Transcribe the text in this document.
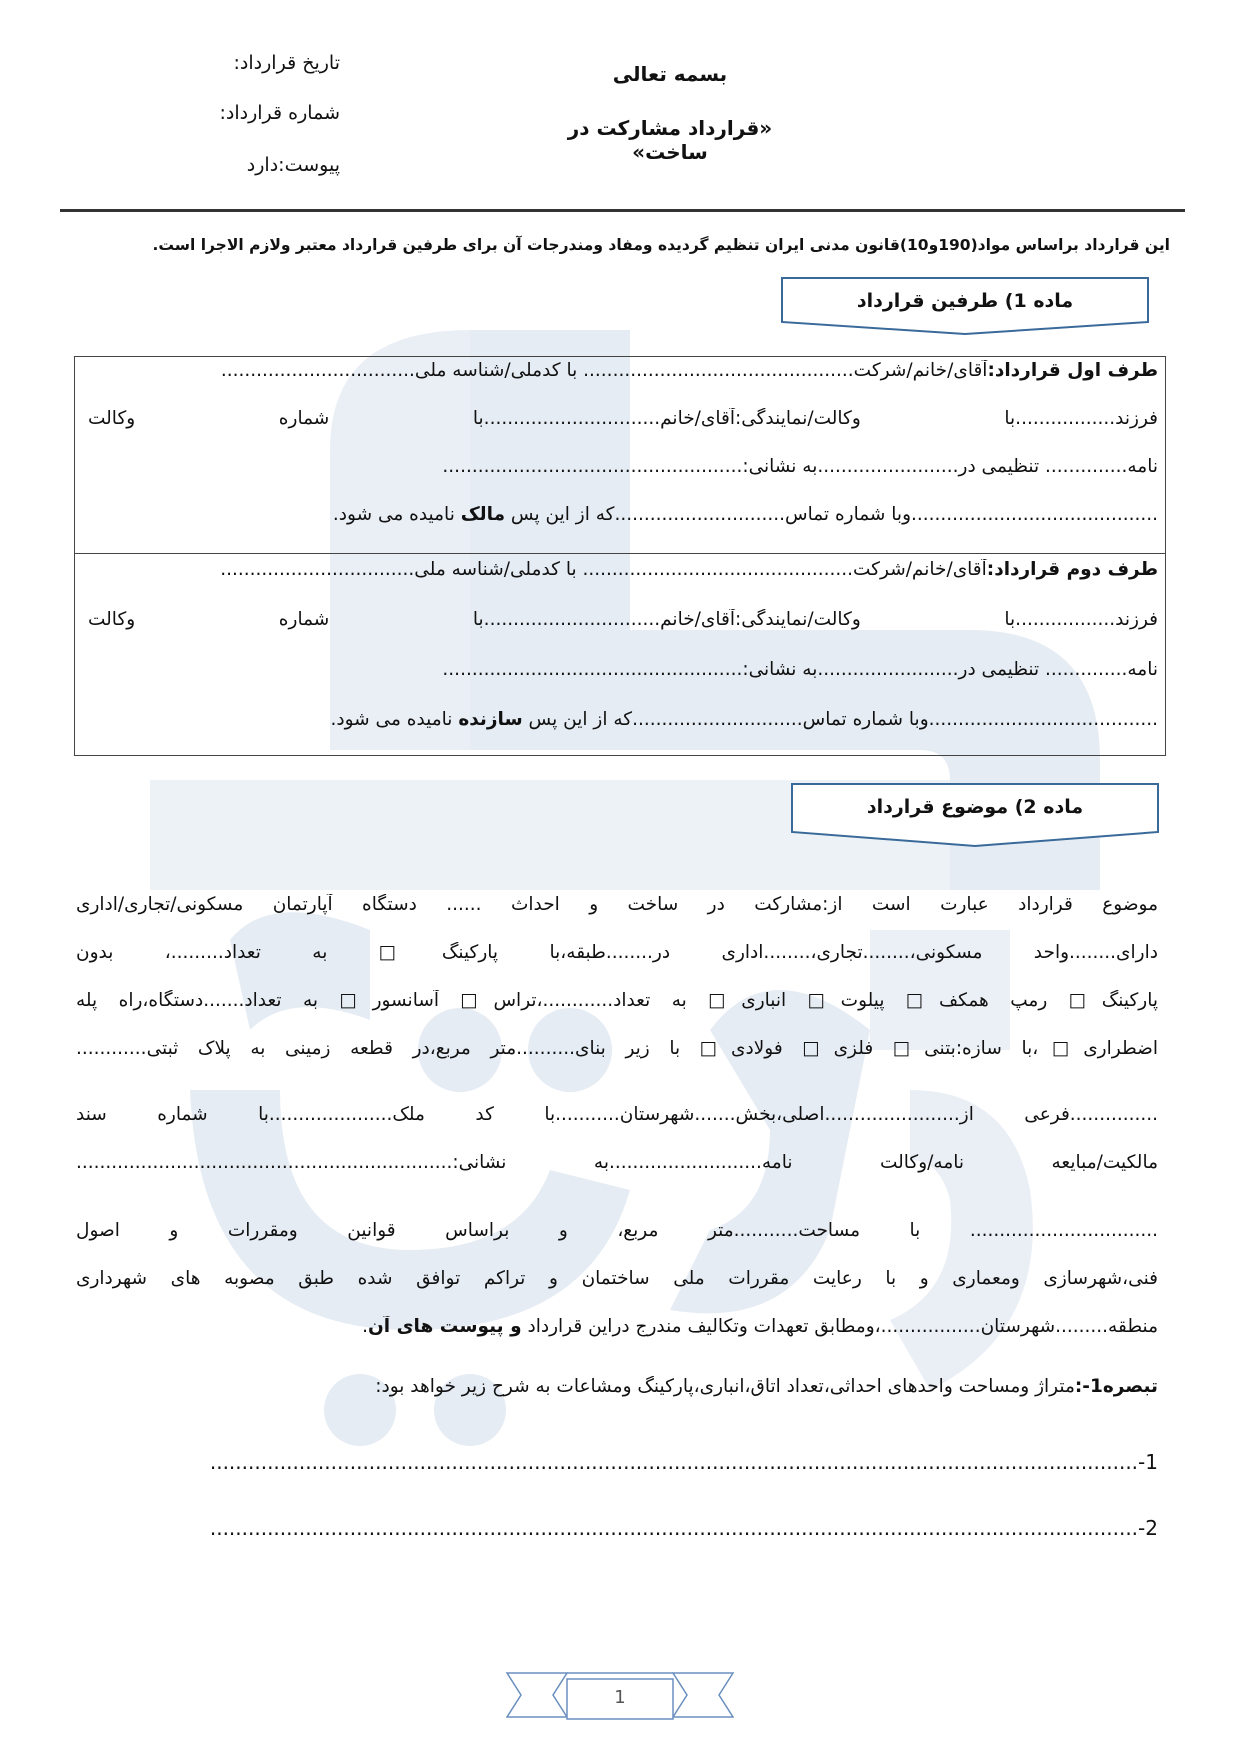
بسمه تعالی
«قرارداد مشارکت در ساخت»
تاریخ قرارداد:
شماره قرارداد:
پیوست:دارد
این قرارداد براساس مواد(190و10)قانون مدنی ایران تنظیم گردیده ومفاد ومندرجات آن برای طرفین قرارداد معتبر ولازم الاجرا است.
ماده 1) طرفین قرارداد
طرف اول قرارداد:آقای/خانم/شرکت.............................................. با کدملی/شناسه ملی.................................
فرزند.................با وکالت/نمایندگی:آقای/خانم..............................با شماره وکالت
نامه.............. تنظیمی در........................به نشانی:...................................................
..........................................وبا شماره تماس.............................که از این پس مالک نامیده می شود.
طرف دوم قرارداد:آقای/خانم/شرکت.............................................. با کدملی/شناسه ملی.................................
فرزند.................با وکالت/نمایندگی:آقای/خانم..............................با شماره وکالت
نامه.............. تنظیمی در........................به نشانی:...................................................
.......................................وبا شماره تماس.............................که از این پس سازنده نامیده می شود.
ماده 2) موضوع قرارداد
موضوع قرارداد عبارت است از:مشارکت در ساخت و احداث ...... دستگاه آپارتمان مسکونی/تجاری/اداری
دارای........واحد مسکونی،........تجاری،........اداری در........طبقه،با پارکینگ□ به تعداد.........، بدون
پارکینگ□ رمپ همکف□ پیلوت□ انباری□ به تعداد............،تراس□ آسانسور□ به تعداد.......دستگاه،راه پله
اضطراری□،با سازه:بتنی□ فلزی□ فولادی□ با زیر بنای..........متر مربع،در قطعه زمینی به پلاک ثبتی............
...............فرعی از.......................اصلی،بخش.......شهرستان...........با کد ملک.....................با شماره سند
مالکیت/مبایعه نامه/وکالت نامه..........................به نشانی:................................................................
................................ با مساحت...........متر مربع، و براساس قوانین ومقررات و اصول
فنی،شهرسازی ومعماری و با رعایت مقررات ملی ساختمان و تراکم توافق شده طبق مصوبه های شهرداری
منطقه.........شهرستان.................،ومطابق تعهدات وتکالیف مندرج دراین قرارداد و پیوست های آن.
تبصره1-:متراژ ومساحت واحدهای احداثی،تعداد اتاق،انباری،پارکینگ ومشاعات به شرح زیر خواهد بود:
1-..................................................................................................................................................
2-..................................................................................................................................................
1
